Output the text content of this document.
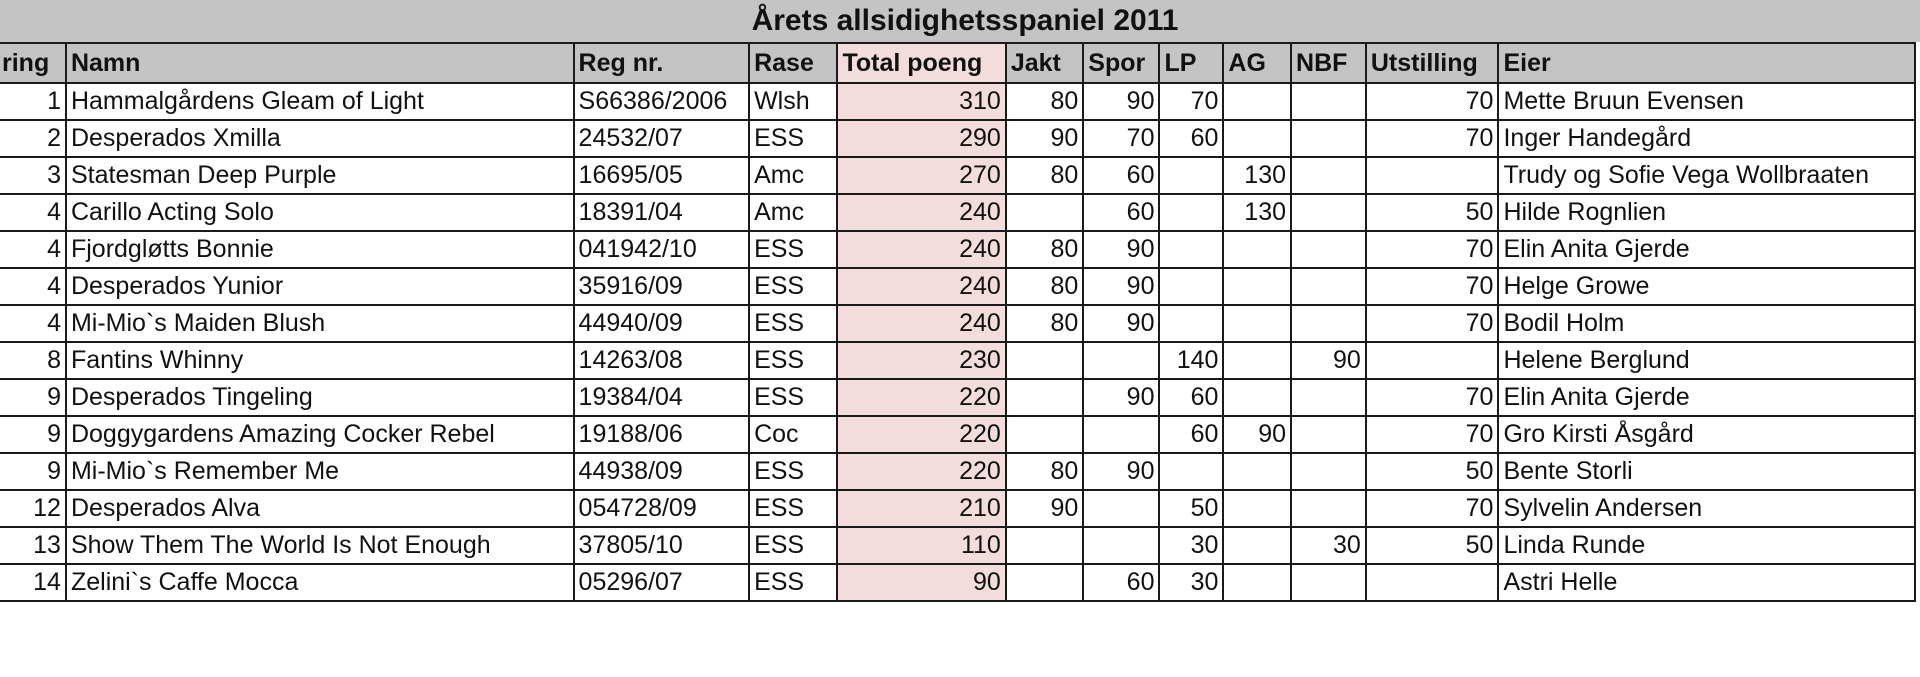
Årets allsidighetsspaniel 2011
ring	Namn	Reg nr.	Rase	Total poeng	Jakt	Spor	LP	AG	NBF	Utstilling	Eier
1	Hammalgårdens Gleam of Light	S66386/2006	Wlsh	310	80	90	70			70	Mette Bruun Evensen
2	Desperados Xmilla	24532/07	ESS	290	90	70	60			70	Inger Handegård
3	Statesman Deep Purple	16695/05	Amc	270	80	60		130			Trudy og Sofie Vega Wollbraaten
4	Carillo Acting Solo	18391/04	Amc	240		60		130		50	Hilde Rognlien
4	Fjordgløtts Bonnie	041942/10	ESS	240	80	90				70	Elin Anita Gjerde
4	Desperados Yunior	35916/09	ESS	240	80	90				70	Helge Growe
4	Mi-Mio`s Maiden Blush	44940/09	ESS	240	80	90				70	Bodil Holm
8	Fantins Whinny	14263/08	ESS	230			140		90		Helene Berglund
9	Desperados Tingeling	19384/04	ESS	220		90	60			70	Elin Anita Gjerde
9	Doggygardens Amazing Cocker Rebel	19188/06	Coc	220			60	90		70	Gro Kirsti Åsgård
9	Mi-Mio`s Remember Me	44938/09	ESS	220	80	90				50	Bente Storli
12	Desperados Alva	054728/09	ESS	210	90		50			70	Sylvelin Andersen
13	Show Them The World Is Not Enough	37805/10	ESS	110			30		30	50	Linda Runde
14	Zelini`s Caffe Mocca	05296/07	ESS	90		60	30				Astri Helle
